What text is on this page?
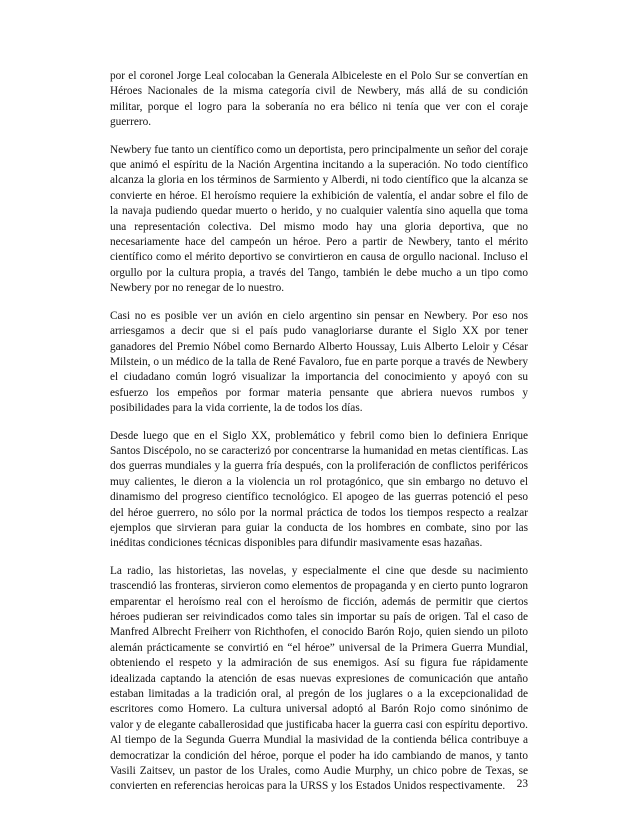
por el coronel Jorge Leal colocaban la Generala Albiceleste en el Polo Sur se convertían en Héroes Nacionales de la misma categoría civil de Newbery, más allá de su condición militar, porque el logro para la soberanía no era bélico ni tenía que ver con el coraje guerrero.

Newbery fue tanto un científico como un deportista, pero principalmente un señor del coraje que animó el espíritu de la Nación Argentina incitando a la superación. No todo científico alcanza la gloria en los términos de Sarmiento y Alberdi, ni todo científico que la alcanza se convierte en héroe. El heroísmo requiere la exhibición de valentía, el andar sobre el filo de la navaja pudiendo quedar muerto o herido, y no cualquier valentía sino aquella que toma una representación colectiva. Del mismo modo hay una gloria deportiva, que no necesariamente hace del campeón un héroe. Pero a partir de Newbery, tanto el mérito científico como el mérito deportivo se convirtieron en causa de orgullo nacional. Incluso el orgullo por la cultura propia, a través del Tango, también le debe mucho a un tipo como Newbery por no renegar de lo nuestro.

Casi no es posible ver un avión en cielo argentino sin pensar en Newbery. Por eso nos arriesgamos a decir que si el país pudo vanagloriarse durante el Siglo XX por tener ganadores del Premio Nóbel como Bernardo Alberto Houssay, Luis Alberto Leloir y César Milstein, o un médico de la talla de René Favaloro, fue en parte porque a través de Newbery el ciudadano común logró visualizar la importancia del conocimiento y apoyó con su esfuerzo los empeños por formar materia pensante que abriera nuevos rumbos y posibilidades para la vida corriente, la de todos los días.

Desde luego que en el Siglo XX, problemático y febril como bien lo definiera Enrique Santos Discépolo, no se caracterizó por concentrarse la humanidad en metas científicas. Las dos guerras mundiales y la guerra fría después, con la proliferación de conflictos periféricos muy calientes, le dieron a la violencia un rol protagónico, que sin embargo no detuvo el dinamismo del progreso científico tecnológico. El apogeo de las guerras potenció el peso del héroe guerrero, no sólo por la normal práctica de todos los tiempos respecto a realzar ejemplos que sirvieran para guiar la conducta de los hombres en combate, sino por las inéditas condiciones técnicas disponibles para difundir masivamente esas hazañas.

La radio, las historietas, las novelas, y especialmente el cine que desde su nacimiento trascendió las fronteras, sirvieron como elementos de propaganda y en cierto punto lograron emparentar el heroísmo real con el heroísmo de ficción, además de permitir que ciertos héroes pudieran ser reivindicados como tales sin importar su país de origen. Tal el caso de Manfred Albrecht Freiherr von Richthofen, el conocido Barón Rojo, quien siendo un piloto alemán prácticamente se convirtió en “el héroe” universal de la Primera Guerra Mundial, obteniendo el respeto y la admiración de sus enemigos. Así su figura fue rápidamente idealizada captando la atención de esas nuevas expresiones de comunicación que antaño estaban limitadas a la tradición oral, al pregón de los juglares o a la excepcionalidad de escritores como Homero. La cultura universal adoptó al Barón Rojo como sinónimo de valor y de elegante caballerosidad que justificaba hacer la guerra casi con espíritu deportivo. Al tiempo de la Segunda Guerra Mundial la masividad de la contienda bélica contribuye a democratizar la condición del héroe, porque el poder ha ido cambiando de manos, y tanto Vasili Zaitsev, un pastor de los Urales, como Audie Murphy, un chico pobre de Texas, se convierten en referencias heroicas para la URSS y los Estados Unidos respectivamente.	23
